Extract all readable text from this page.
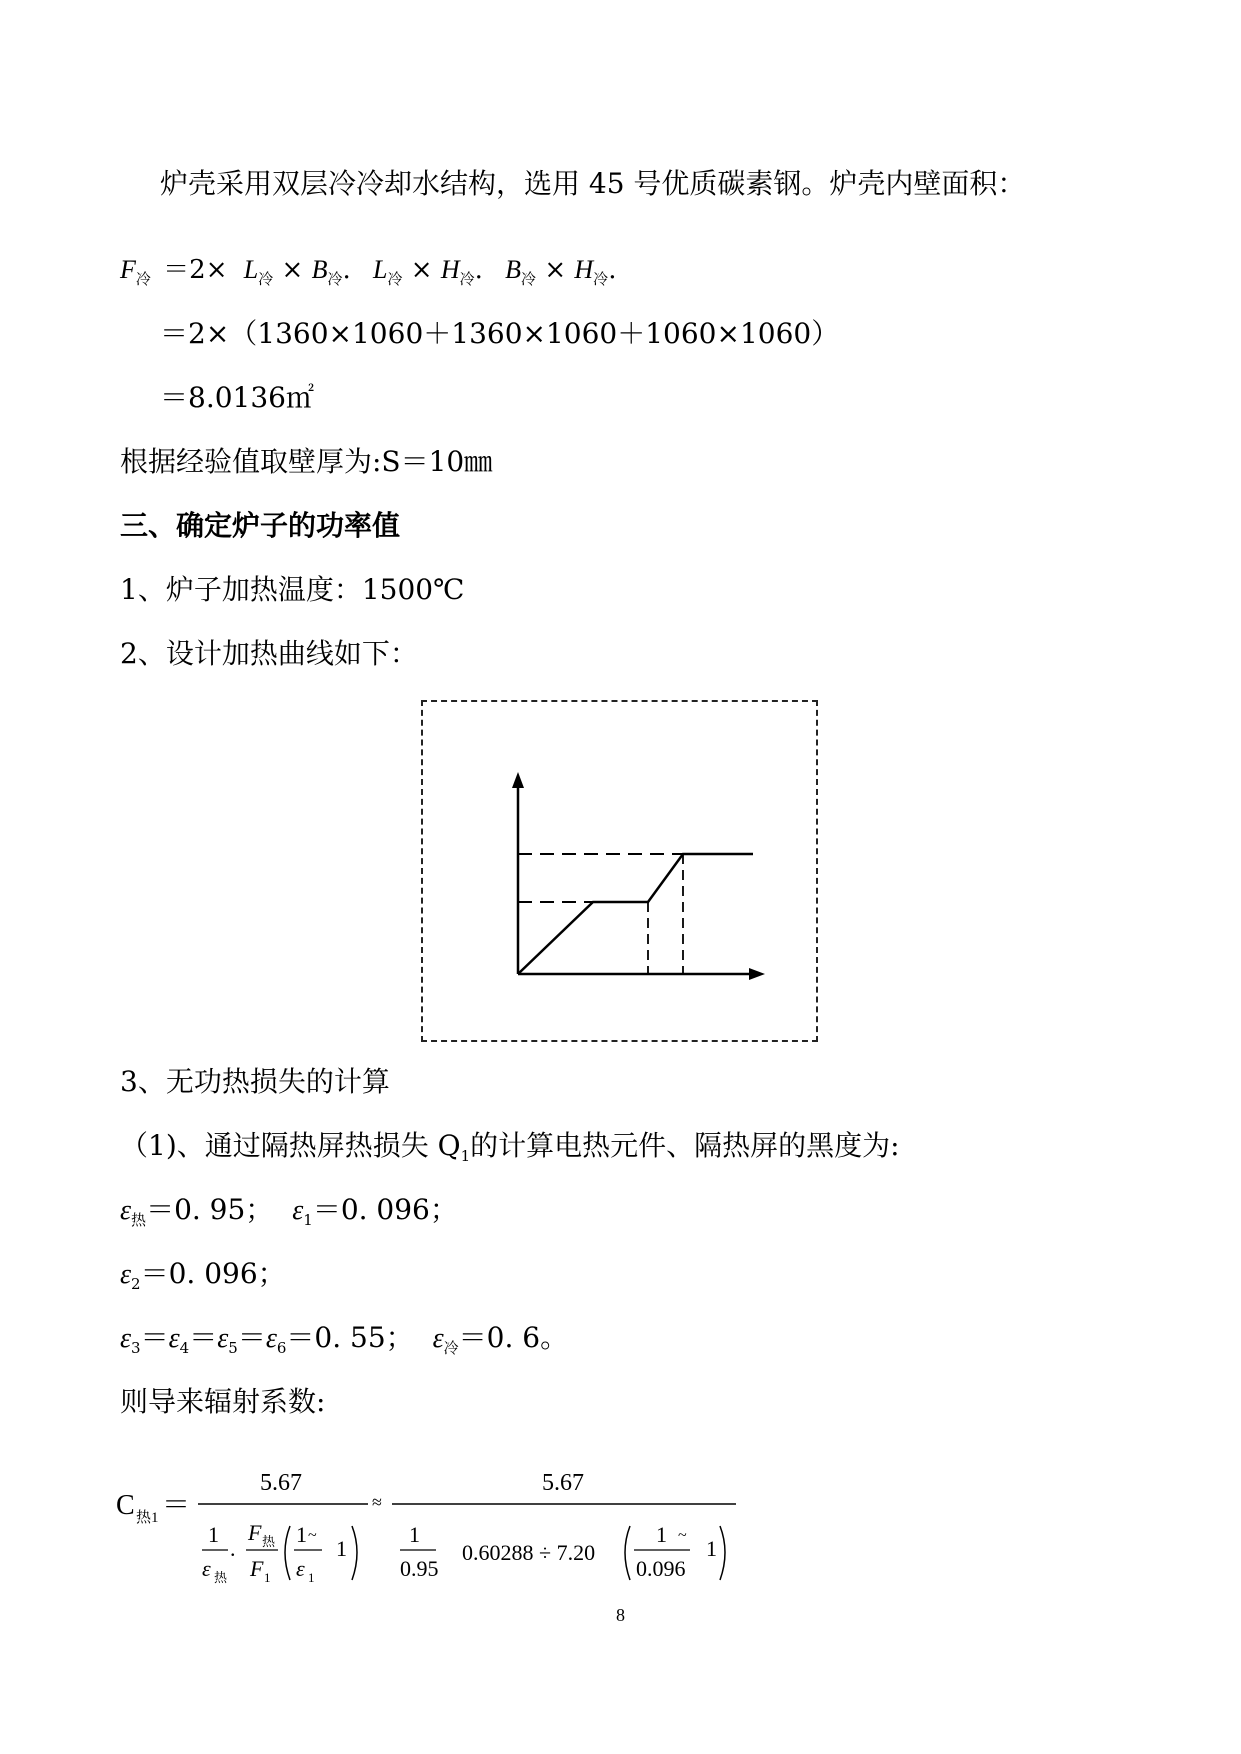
炉壳采用双层冷冷却水结构，选用 45 号优质碳素钢。炉壳内壁面积：
$F_冷 =2\times L_冷 \times B_冷$. $L_冷 \times H_冷$. $B_冷 \times H_冷$.
＝2×（1360×1060＋1360×1060＋1060×1060）
＝8.0136㎡
根据经验值取壁厚为:S＝10㎜
三、确定炉子的功率值
1、炉子加热温度：1500℃
2、设计加热曲线如下：
3、无功热损失的计算
（1)、通过隔热屏热损失 $Q_1$的计算电热元件、隔热屏的黑度为:
$\varepsilon_热=0$. 95； $\varepsilon_1=0$. 096；
$\varepsilon_2=0$. 096；
$\varepsilon_3=\varepsilon_4=\varepsilon_5=\varepsilon_6=0$. 55； $\varepsilon_冷=0$. 6。
则导来辐射系数:
C 热1 ＝
5.67
1
ε 热
.
F 热
F 1
1 ~
ε 1
1
≈
5.67
1
0.95
0.60288 ÷ 7.20
1 ~
0.096
1
8
